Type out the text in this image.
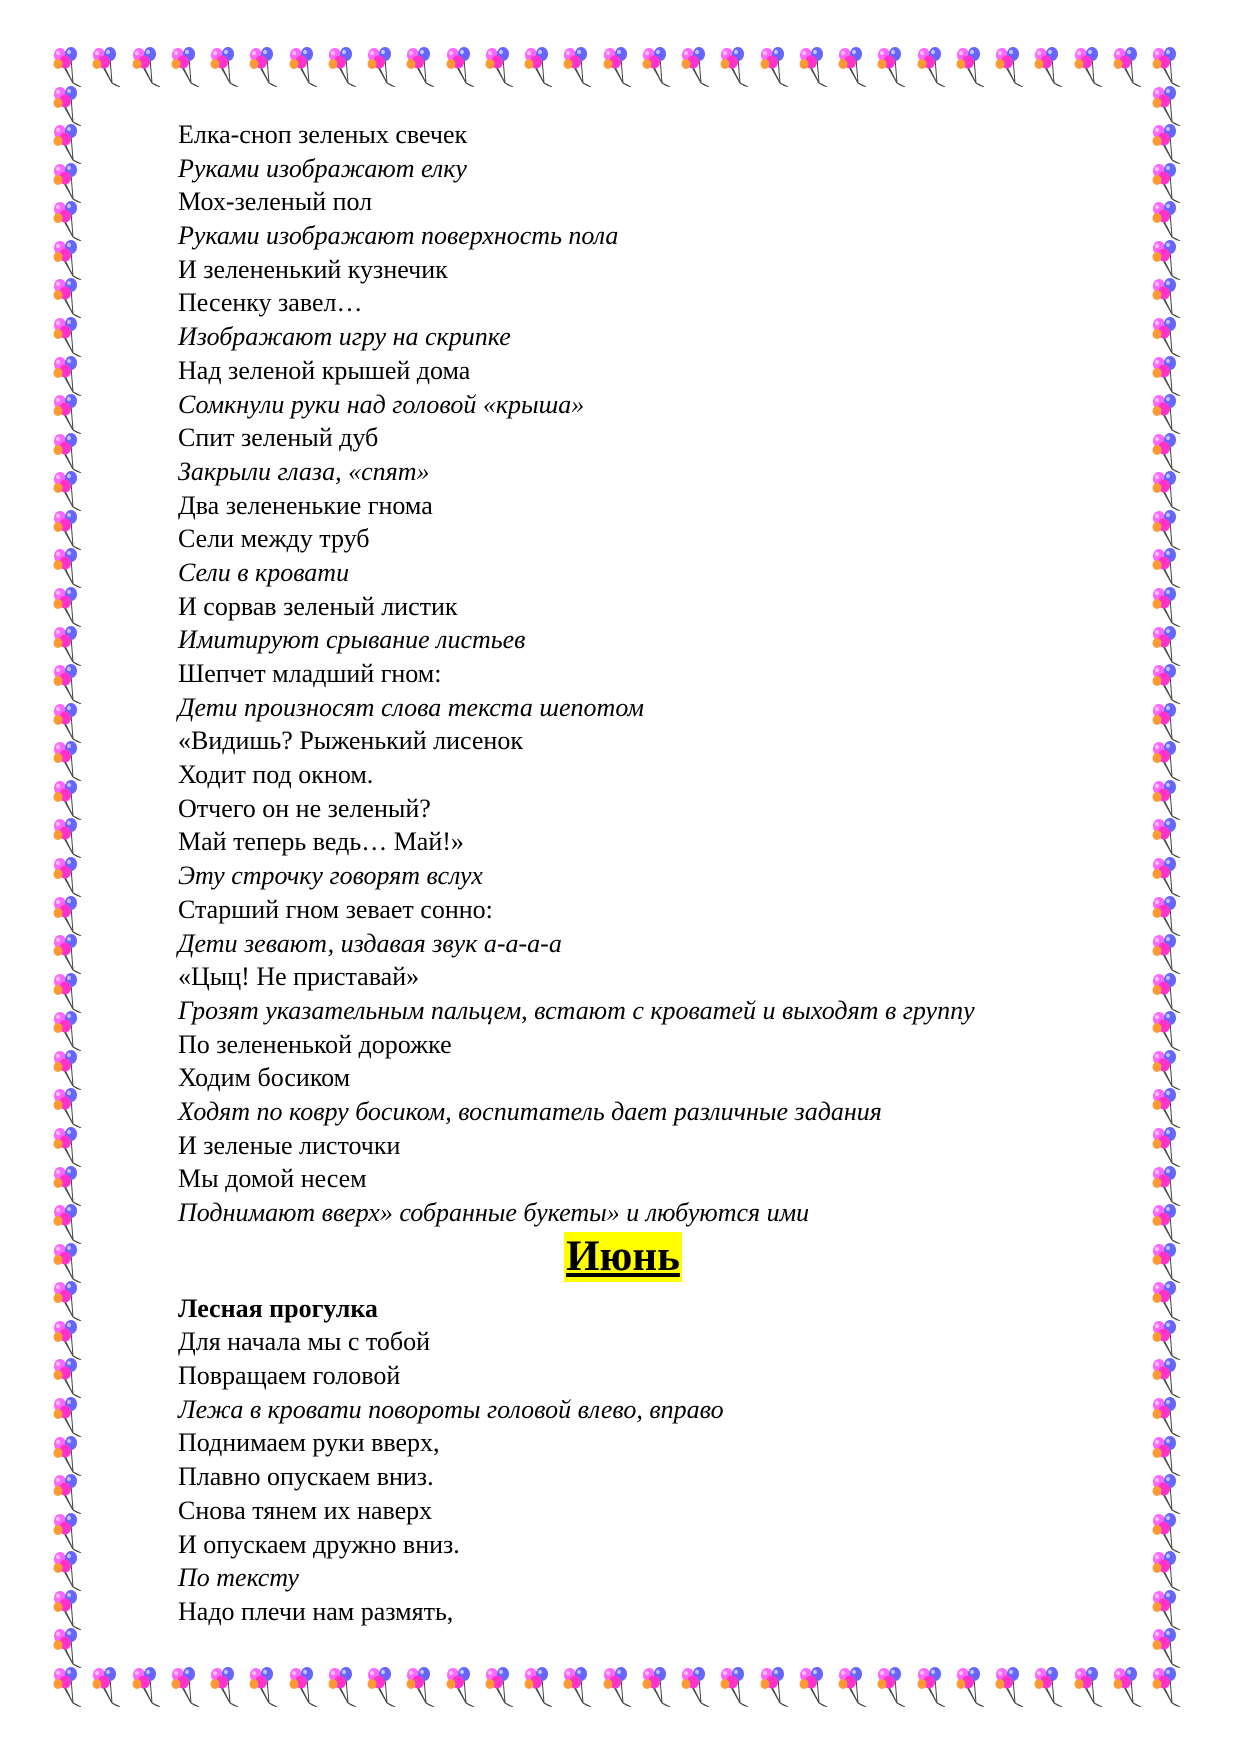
Елка-сноп зеленых свечек
Руками изображают елку
Мох-зеленый пол
Руками изображают поверхность пола
И зелененький кузнечик
Песенку завел…
Изображают игру на скрипке
Над зеленой крышей дома
Сомкнули руки над головой «крыша»
Спит зеленый дуб
Закрыли глаза, «спят»
Два зелененькие гнома
Сели между труб
Сели в кровати
И сорвав зеленый листик
Имитируют срывание листьев
Шепчет младший гном:
Дети произносят слова текста шепотом
«Видишь? Рыженький лисенок
Ходит под окном.
Отчего он не зеленый?
Май теперь ведь… Май!»
Эту строчку говорят вслух
Старший гном зевает сонно:
Дети зевают, издавая звук а-а-а-а
«Цыц! Не приставай»
Грозят указательным пальцем, встают с кроватей и выходят в группу
По зелененькой дорожке
Ходим босиком
Ходят по ковру босиком, воспитатель дает различные задания
И зеленые листочки
Мы домой несем
Поднимают вверх» собранные букеты» и любуются ими
Июнь
Лесная прогулка
Для начала мы с тобой
Повращаем головой
Лежа в кровати повороты головой влево, вправо
Поднимаем руки вверх,
Плавно опускаем вниз.
Снова тянем их наверх
И опускаем дружно вниз.
По тексту
Надо плечи нам размять,
